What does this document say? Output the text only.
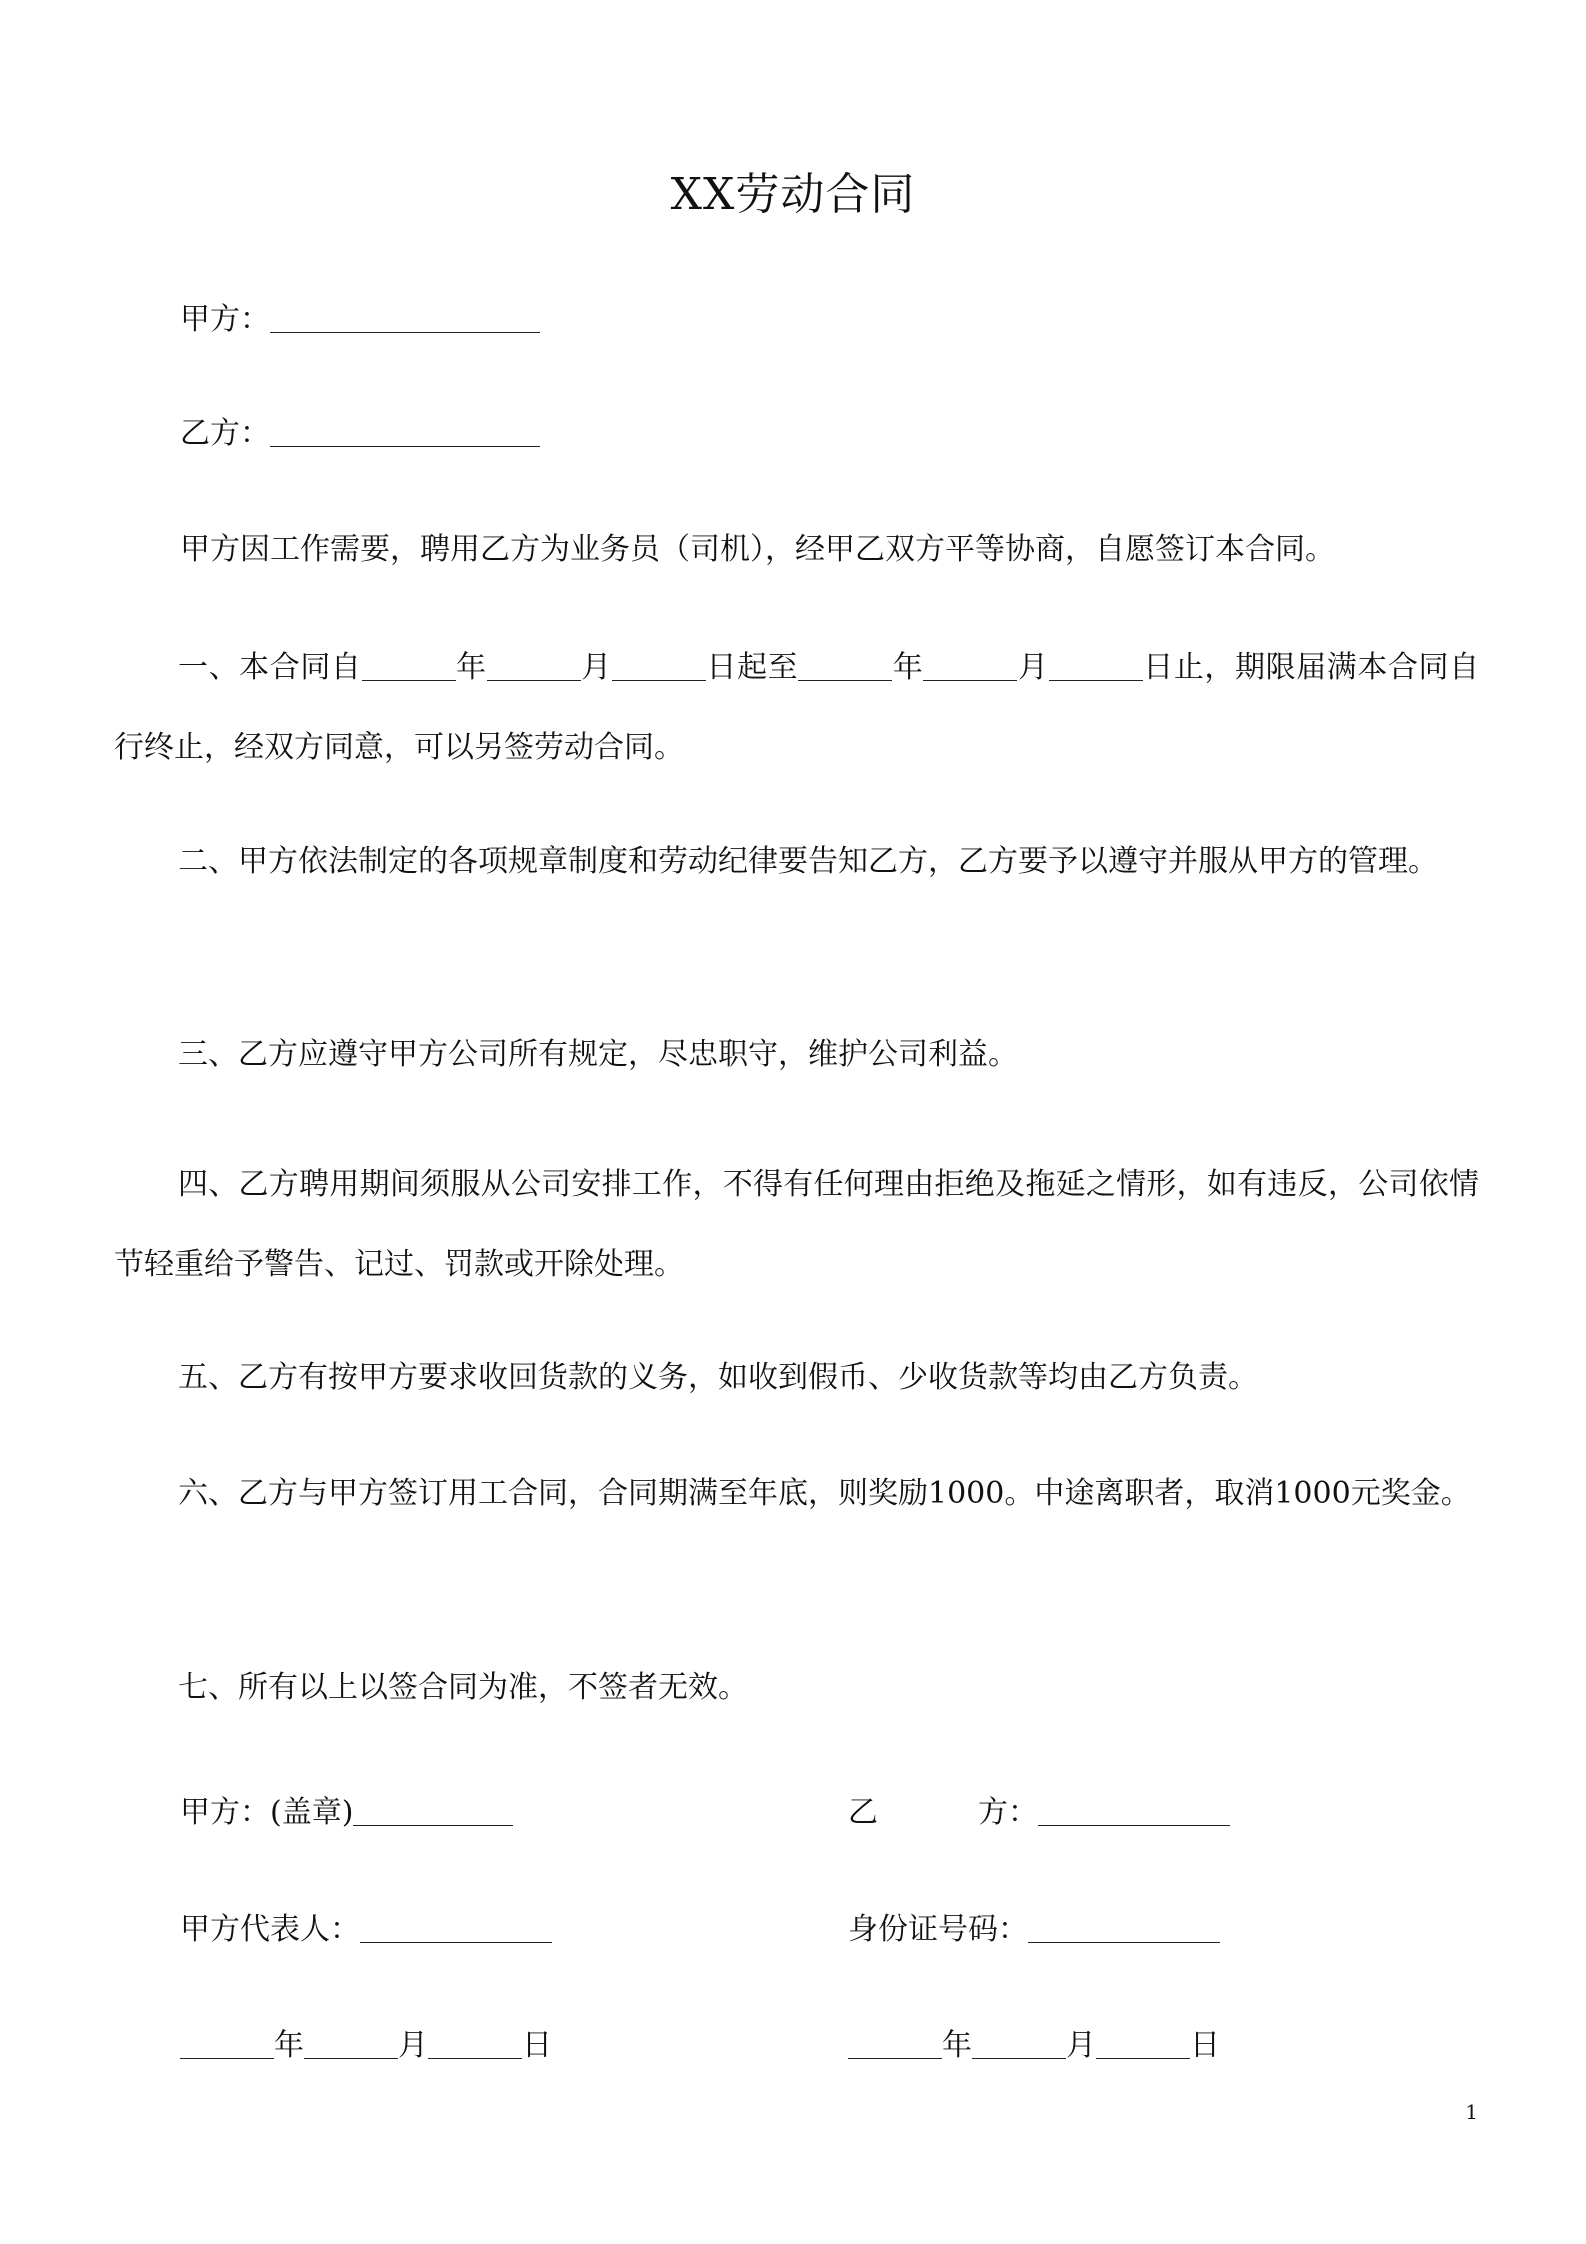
XX劳动合同
甲方：
乙方：
甲方因工作需要，聘用乙方为业务员（司机），经甲乙双方平等协商，自愿签订本合同。
一、本合同自	年	月	日起至	年	月	日止，期限届满本合同自行终止，经双方同意，可以另签劳动合同。
二、甲方依法制定的各项规章制度和劳动纪律要告知乙方，乙方要予以遵守并服从甲方的管理。
三、乙方应遵守甲方公司所有规定，尽忠职守，维护公司利益。
四、乙方聘用期间须服从公司安排工作，不得有任何理由拒绝及拖延之情形，如有违反，公司依情节轻重给予警告、记过、罚款或开除处理。
五、乙方有按甲方要求收回货款的义务，如收到假币、少收货款等均由乙方负责。
六、乙方与甲方签订用工合同，合同期满至年底，则奖励1000。中途离职者，取消1000元奖金。
七、所有以上以签合同为准，不签者无效。
甲方：(盖章)	乙	方：
甲方代表人：	身份证号码：
年	月	日	年	月	日
1
